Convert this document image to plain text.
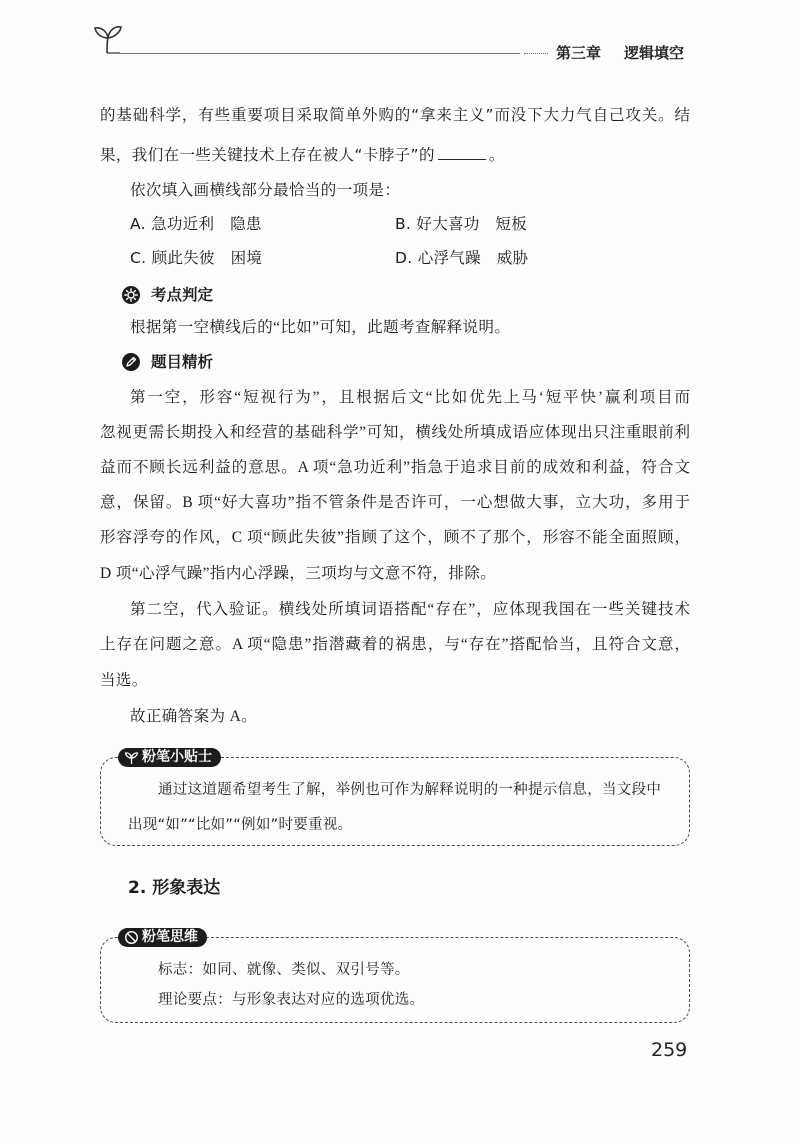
第三章 逻辑填空
的基础科学，有些重要项目采取简单外购的“拿来主义”而没下大力气自己攻关。结
果，我们在一些关键技术上存在被人“卡脖子”的	。
依次填入画横线部分最恰当的一项是：
A. 急功近利　隐患	B. 好大喜功　短板
C. 顾此失彼　困境	D. 心浮气躁　威胁
考点判定
根据第一空横线后的“比如”可知，此题考查解释说明。
题目精析
第一空，形容“短视行为”，且根据后文“比如优先上马‘短平快’赢利项目而
忽视更需长期投入和经营的基础科学”可知，横线处所填成语应体现出只注重眼前利
益而不顾长远利益的意思。A 项“急功近利”指急于追求目前的成效和利益，符合文
意，保留。B 项“好大喜功”指不管条件是否许可，一心想做大事，立大功，多用于
形容浮夸的作风，C 项“顾此失彼”指顾了这个，顾不了那个，形容不能全面照顾，
D 项“心浮气躁”指内心浮躁，三项均与文意不符，排除。
第二空，代入验证。横线处所填词语搭配“存在”，应体现我国在一些关键技术
上存在问题之意。A 项“隐患”指潜藏着的祸患，与“存在”搭配恰当，且符合文意，
当选。
故正确答案为 A。
粉笔小贴士
通过这道题希望考生了解，举例也可作为解释说明的一种提示信息，当文段中
出现“如”“比如”“例如”时要重视。
2. 形象表达
粉笔思维
标志：如同、就像、类似、双引号等。
理论要点：与形象表达对应的选项优选。
259
